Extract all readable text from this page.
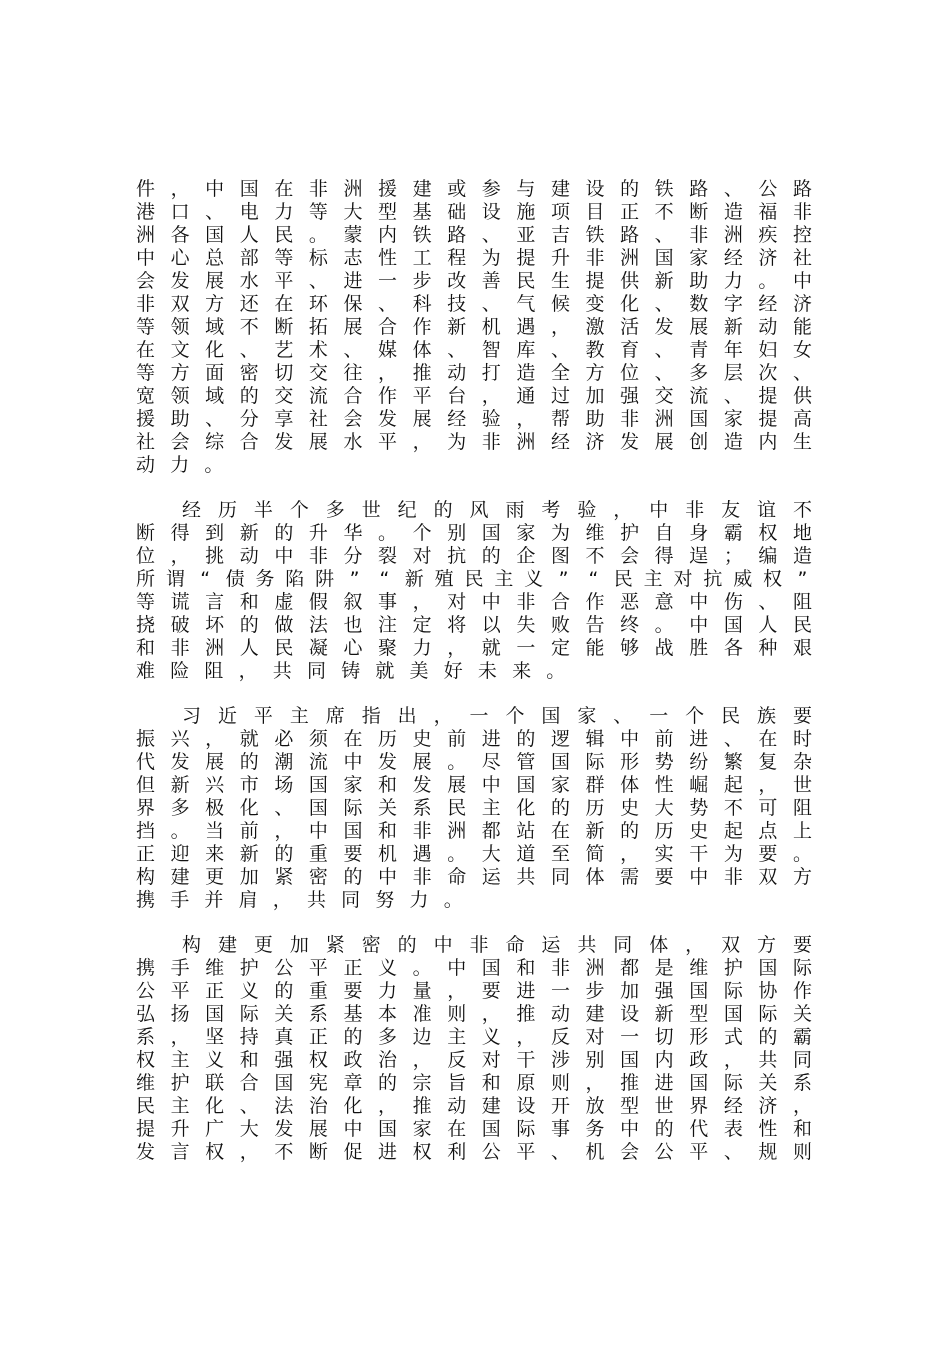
件 ， 中 国 在 非 洲 援 建 或 参 与 建 设 的 铁 路 、 公 路
港 口 、 电 力 等 大 型 基 础 设 施 项 目 正 不 断 造 福 非
洲 各 国 人 民 。 蒙 内 铁 路 、 亚 吉 铁 路 、 非 洲 疾 控
中 心 总 部 等 标 志 性 工 程 为 提 升 非 洲 国 家 经 济 社
会 发 展 水 平 、 进 一 步 改 善 民 生 提 供 新 助 力 。 中
非 双 方 还 在 环 保 、 科 技 、 气 候 变 化 、 数 字 经 济
等 领 域 不 断 拓 展 合 作 新 机 遇 ， 激 活 发 展 新 动 能
在 文 化 、 艺 术 、 媒 体 、 智 库 、 教 育 、 青 年 妇 女
等 方 面 密 切 交 往 ， 推 动 打 造 全 方 位 、 多 层 次 、
宽 领 域 的 交 流 合 作 平 台 ， 通 过 加 强 交 流 、 提 供
援 助 、 分 享 社 会 发 展 经 验 ， 帮 助 非 洲 国 家 提 高
社 会 综 合 发 展 水 平 ， 为 非 洲 经 济 发 展 创 造 内 生
动 力 。
经 历 半 个 多 世 纪 的 风 雨 考 验 ， 中 非 友 谊 不
断 得 到 新 的 升 华 。 个 别 国 家 为 维 护 自 身 霸 权 地
位 ， 挑 动 中 非 分 裂 对 抗 的 企 图 不 会 得 逞 ； 编 造
所 谓 “ 债 务 陷 阱 ” “ 新 殖 民 主 义 ” “ 民 主 对 抗 威 权 ”
等 谎 言 和 虚 假 叙 事 ， 对 中 非 合 作 恶 意 中 伤 、 阻
挠 破 坏 的 做 法 也 注 定 将 以 失 败 告 终 。 中 国 人 民
和 非 洲 人 民 凝 心 聚 力 ， 就 一 定 能 够 战 胜 各 种 艰
难 险 阻 ， 共 同 铸 就 美 好 未 来 。
习 近 平 主 席 指 出 ， 一 个 国 家 、 一 个 民 族 要
振 兴 ， 就 必 须 在 历 史 前 进 的 逻 辑 中 前 进 、 在 时
代 发 展 的 潮 流 中 发 展 。 尽 管 国 际 形 势 纷 繁 复 杂
但 新 兴 市 场 国 家 和 发 展 中 国 家 群 体 性 崛 起 ， 世
界 多 极 化 、 国 际 关 系 民 主 化 的 历 史 大 势 不 可 阻
挡 。 当 前 ， 中 国 和 非 洲 都 站 在 新 的 历 史 起 点 上
正 迎 来 新 的 重 要 机 遇 。 大 道 至 简 ， 实 干 为 要 。
构 建 更 加 紧 密 的 中 非 命 运 共 同 体 需 要 中 非 双 方
携 手 并 肩 ， 共 同 努 力 。
构 建 更 加 紧 密 的 中 非 命 运 共 同 体 ， 双 方 要
携 手 维 护 公 平 正 义 。 中 国 和 非 洲 都 是 维 护 国 际
公 平 正 义 的 重 要 力 量 ， 要 进 一 步 加 强 国 际 协 作
弘 扬 国 际 关 系 基 本 准 则 ， 推 动 建 设 新 型 国 际 关
系 ， 坚 持 真 正 的 多 边 主 义 ， 反 对 一 切 形 式 的 霸
权 主 义 和 强 权 政 治 ， 反 对 干 涉 别 国 内 政 ， 共 同
维 护 联 合 国 宪 章 的 宗 旨 和 原 则 ， 推 进 国 际 关 系
民 主 化 、 法 治 化 ， 推 动 建 设 开 放 型 世 界 经 济 ，
提 升 广 大 发 展 中 国 家 在 国 际 事 务 中 的 代 表 性 和
发 言 权 ， 不 断 促 进 权 利 公 平 、 机 会 公 平 、 规 则
